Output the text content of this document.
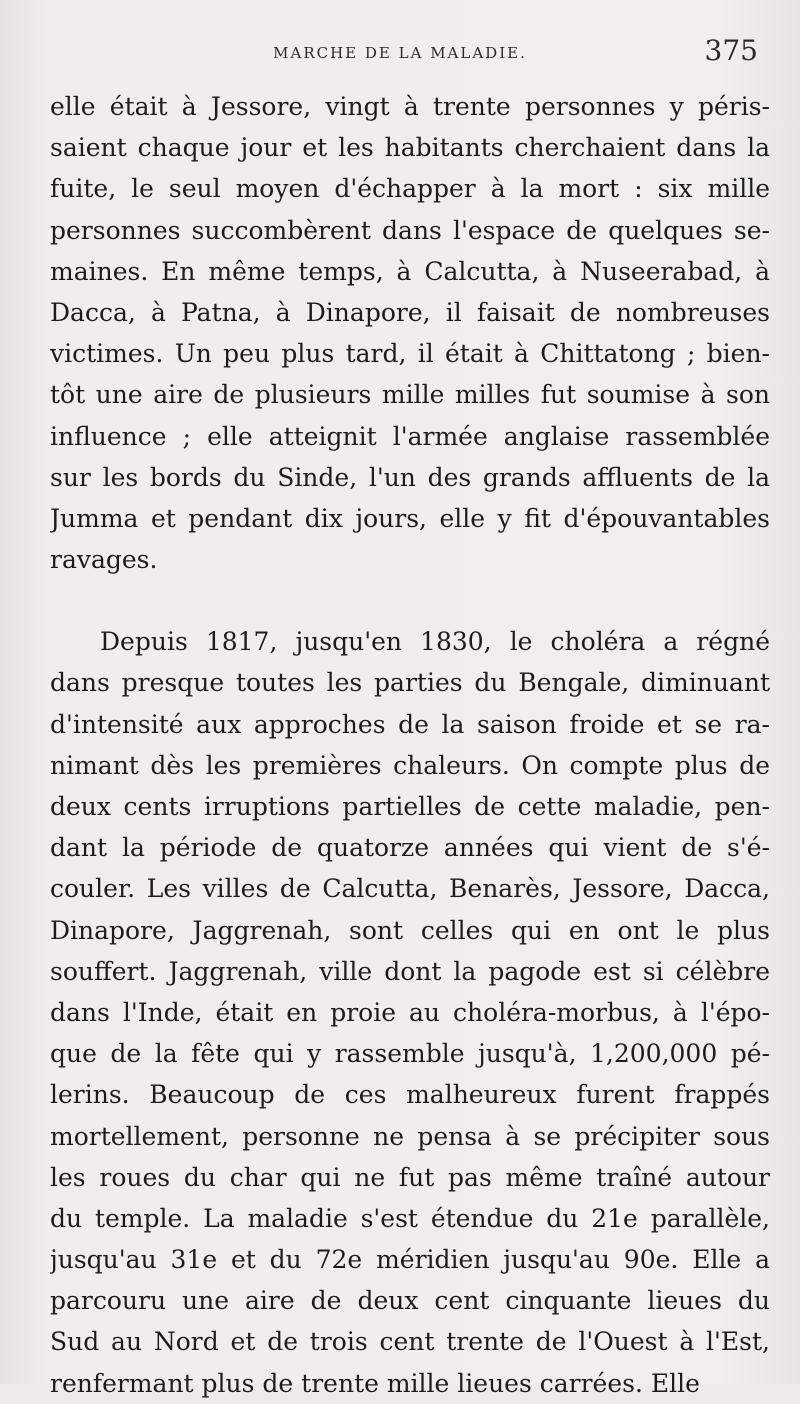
MARCHE DE LA MALADIE.	375
elle était à Jessore, vingt à trente personnes y péris-
saient chaque jour et les habitants cherchaient dans la
fuite, le seul moyen d'échapper à la mort : six mille
personnes succombèrent dans l'espace de quelques se-
maines. En même temps, à Calcutta, à Nuseerabad, à
Dacca, à Patna, à Dinapore, il faisait de nombreuses
victimes. Un peu plus tard, il était à Chittatong ; bien-
tôt une aire de plusieurs mille milles fut soumise à son
influence ; elle atteignit l'armée anglaise rassemblée
sur les bords du Sinde, l'un des grands affluents de la
Jumma et pendant dix jours, elle y fit d'épouvantables
ravages.
Depuis 1817, jusqu'en 1830, le choléra a régné
dans presque toutes les parties du Bengale, diminuant
d'intensité aux approches de la saison froide et se ra-
nimant dès les premières chaleurs. On compte plus de
deux cents irruptions partielles de cette maladie, pen-
dant la période de quatorze années qui vient de s'é-
couler. Les villes de Calcutta, Benarès, Jessore, Dacca,
Dinapore, Jaggrenah, sont celles qui en ont le plus
souffert. Jaggrenah, ville dont la pagode est si célèbre
dans l'Inde, était en proie au choléra-morbus, à l'épo-
que de la fête qui y rassemble jusqu'à, 1,200,000 pé-
lerins. Beaucoup de ces malheureux furent frappés
mortellement, personne ne pensa à se précipiter sous
les roues du char qui ne fut pas même traîné autour
du temple. La maladie s'est étendue du 21e parallèle,
jusqu'au 31e et du 72e méridien jusqu'au 90e. Elle a
parcouru une aire de deux cent cinquante lieues du
Sud au Nord et de trois cent trente de l'Ouest à l'Est,
renfermant plus de trente mille lieues carrées. Elle
